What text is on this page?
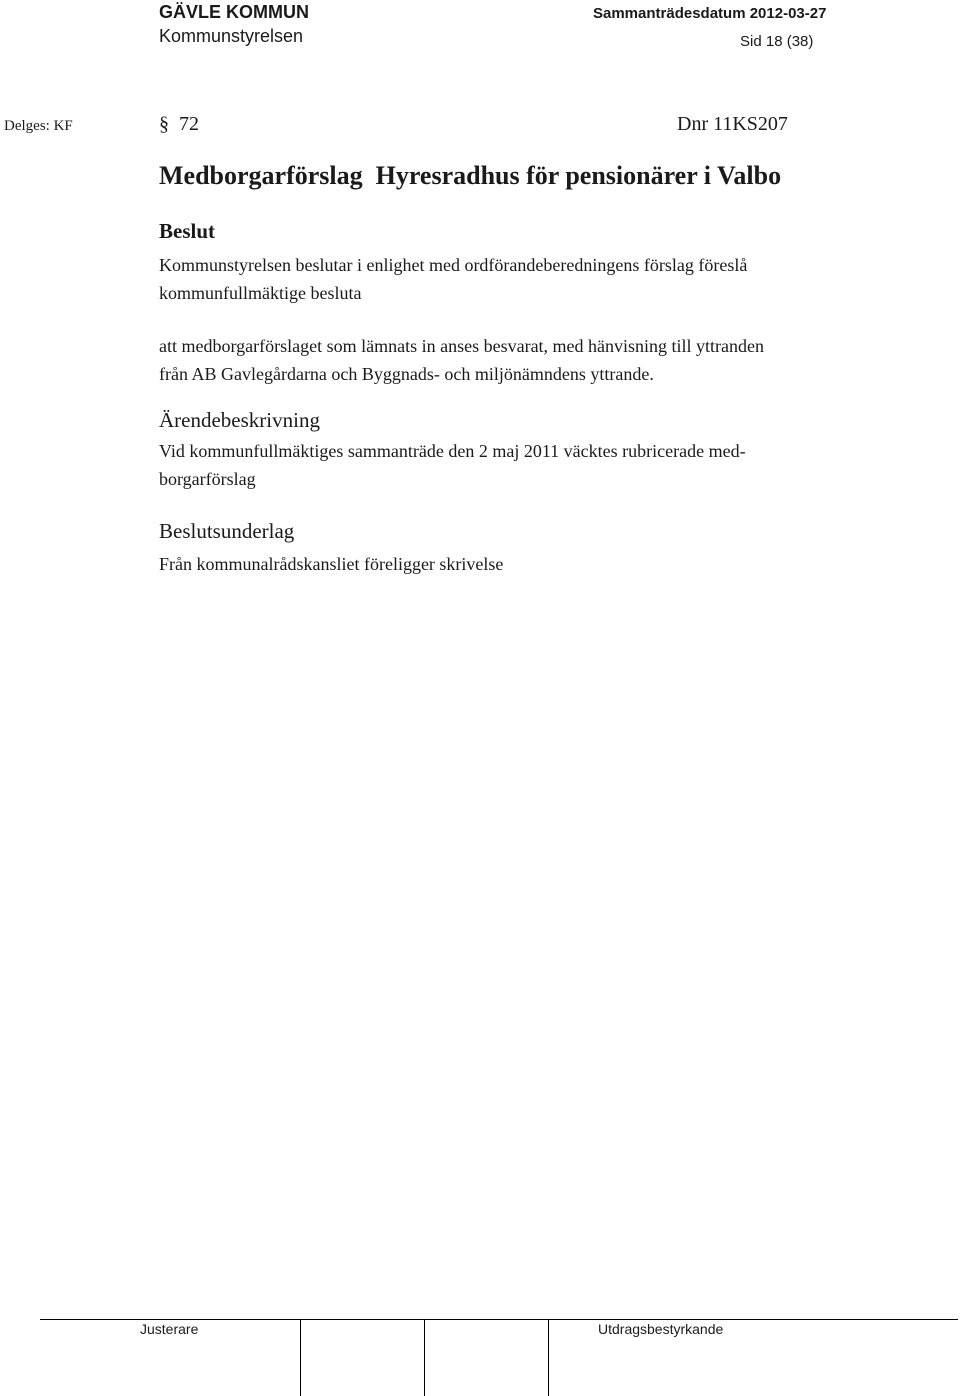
GÄVLE KOMMUN
Kommunstyrelsen
Sammanträdesdatum 2012-03-27
Sid 18 (38)
Delges: KF	§ 72	Dnr 11KS207
Medborgarförslag  Hyresradhus för pensionärer i Valbo
Beslut
Kommunstyrelsen beslutar i enlighet med ordförandeberedningens förslag föreslå
kommunfullmäktige besluta
att medborgarförslaget som lämnats in anses besvarat, med hänvisning till yttranden
från AB Gavlegårdarna och Byggnads- och miljönämndens yttrande.
Ärendebeskrivning
Vid kommunfullmäktiges sammanträde den 2 maj 2011 väcktes rubricerade med-
borgarförslag
Beslutsunderlag
Från kommunalrådskansliet föreligger skrivelse
Justerare	Utdragsbestyrkande
